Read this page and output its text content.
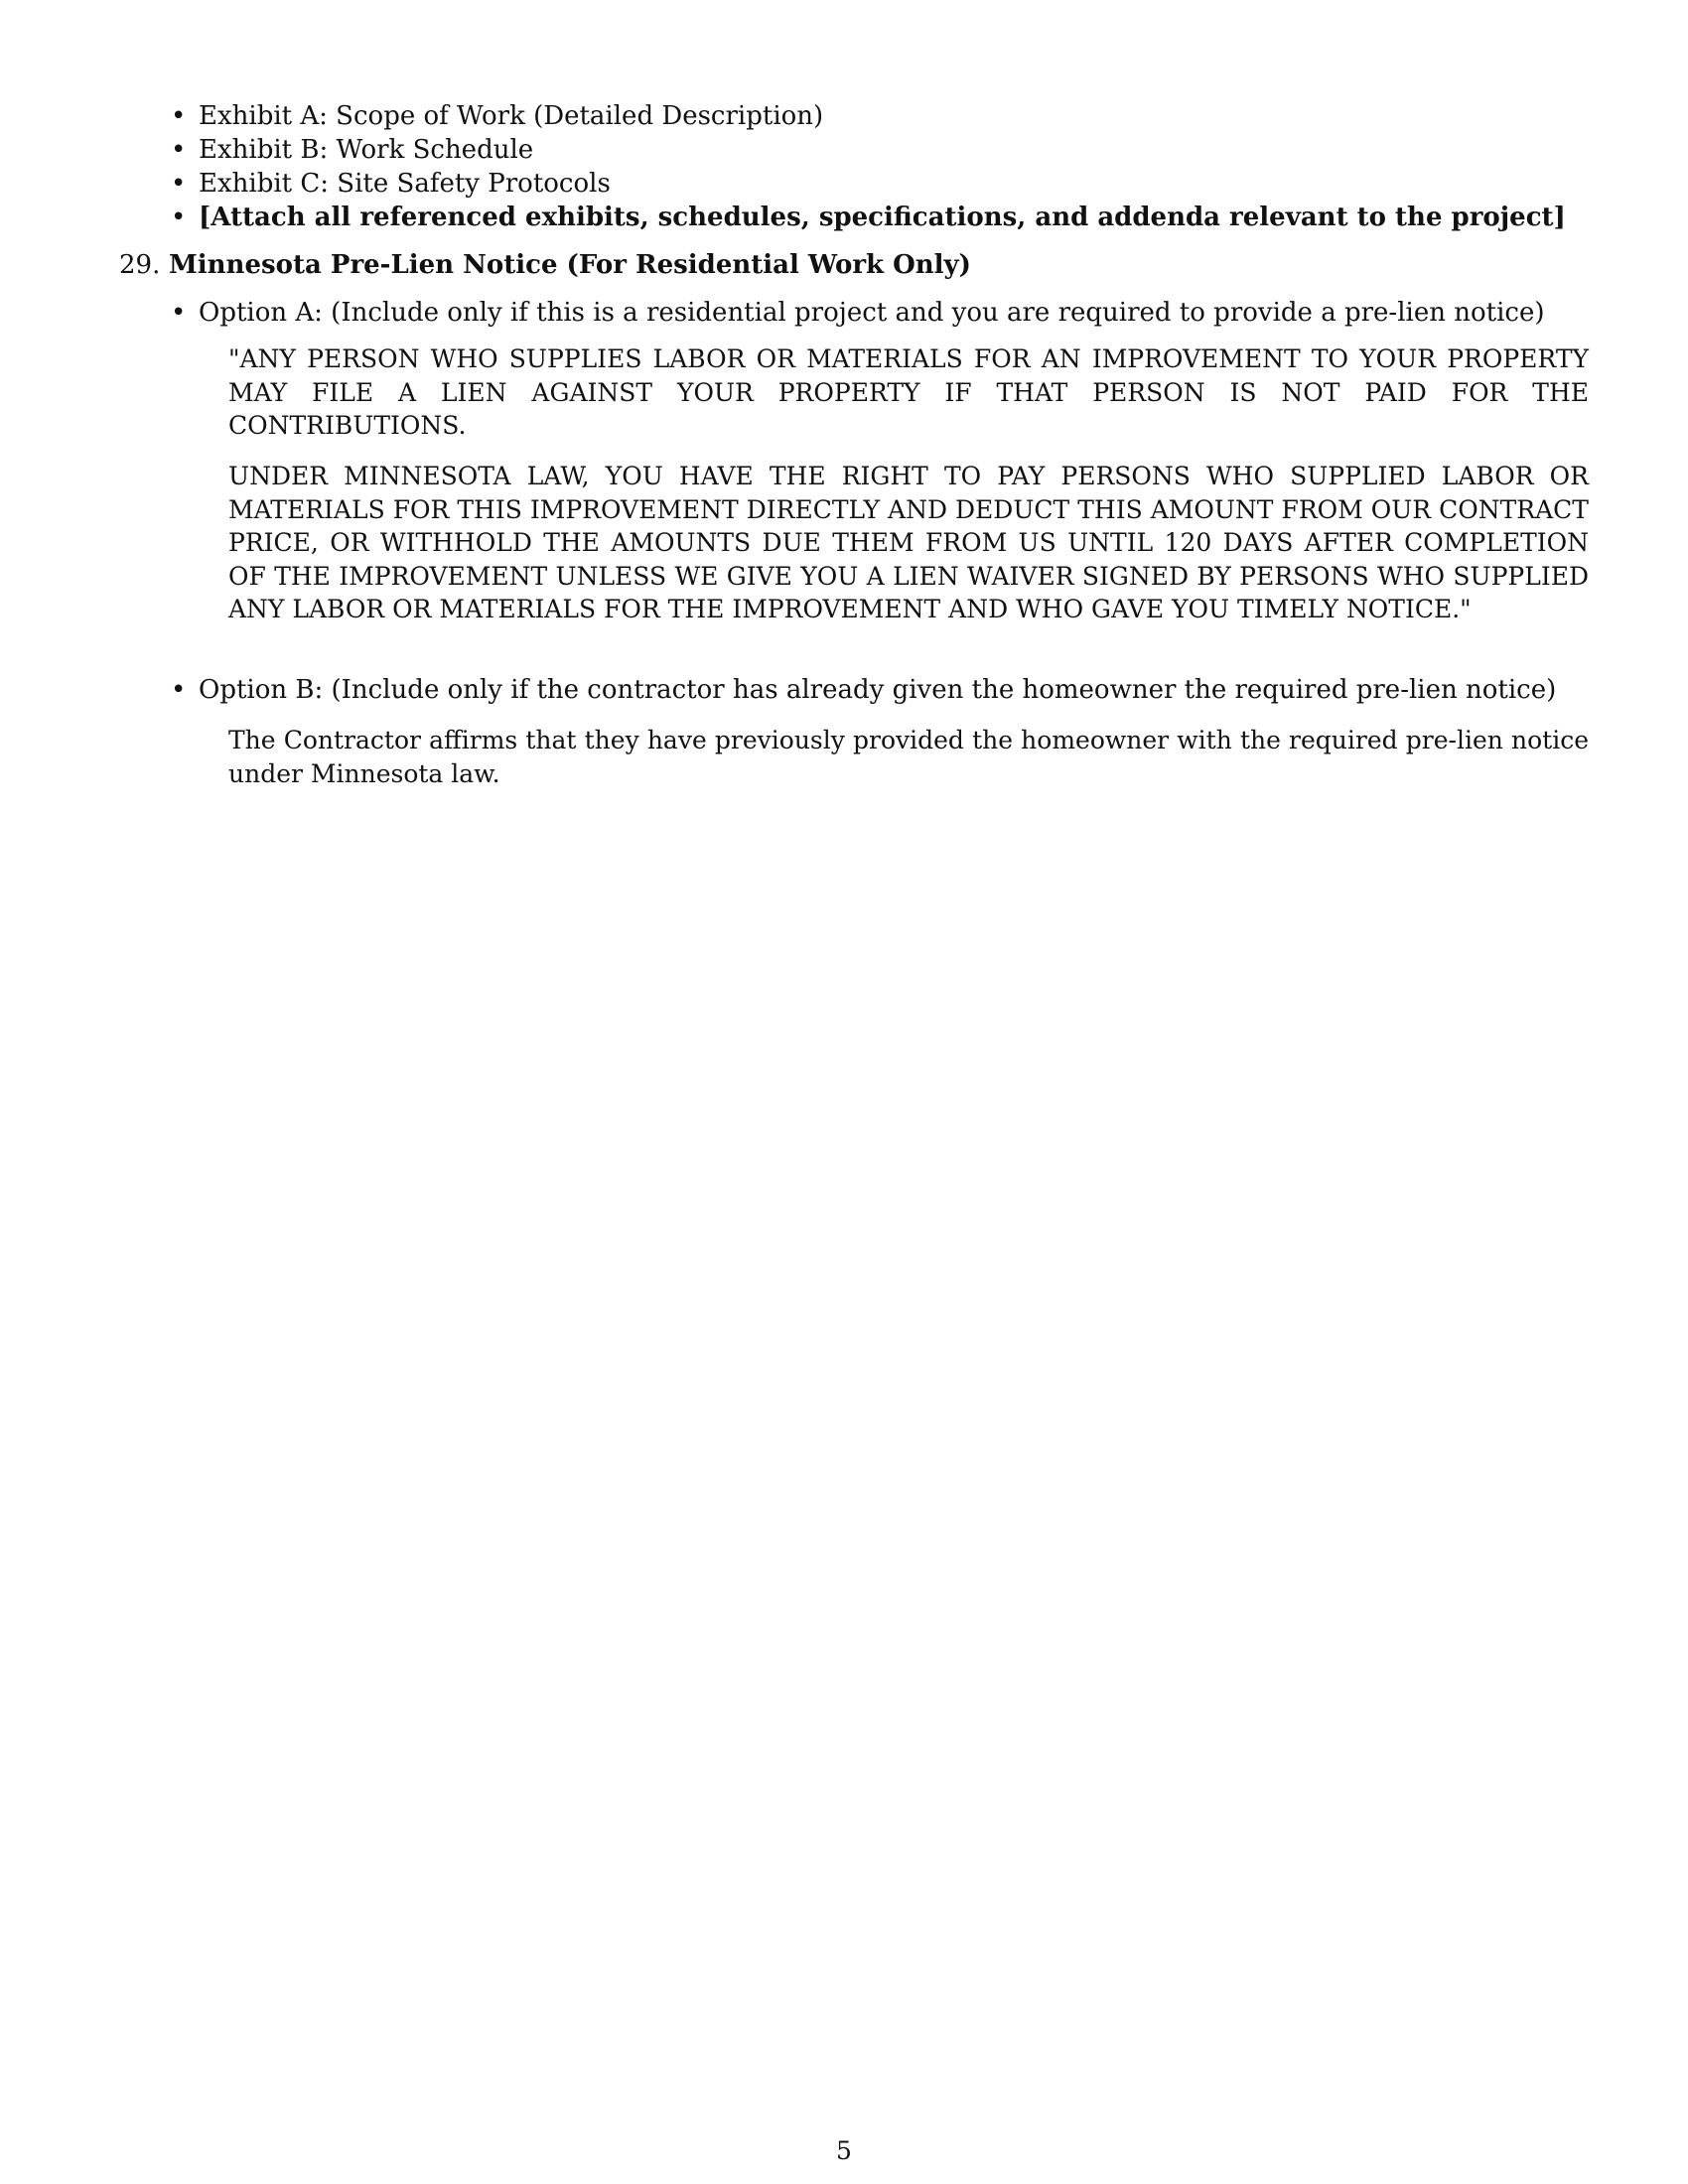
• Exhibit A: Scope of Work (Detailed Description)
• Exhibit B: Work Schedule
• Exhibit C: Site Safety Protocols
• [Attach all referenced exhibits, schedules, specifications, and addenda relevant to the project]
29. Minnesota Pre-Lien Notice (For Residential Work Only)
• Option A: (Include only if this is a residential project and you are required to provide a pre-lien notice)

"ANY PERSON WHO SUPPLIES LABOR OR MATERIALS FOR AN IMPROVEMENT TO YOUR PROPERTY MAY FILE A LIEN AGAINST YOUR PROPERTY IF THAT PERSON IS NOT PAID FOR THE CONTRIBUTIONS.

UNDER MINNESOTA LAW, YOU HAVE THE RIGHT TO PAY PERSONS WHO SUPPLIED LABOR OR MATERIALS FOR THIS IMPROVEMENT DIRECTLY AND DEDUCT THIS AMOUNT FROM OUR CONTRACT PRICE, OR WITHHOLD THE AMOUNTS DUE THEM FROM US UNTIL 120 DAYS AFTER COMPLETION OF THE IMPROVEMENT UNLESS WE GIVE YOU A LIEN WAIVER SIGNED BY PERSONS WHO SUPPLIED ANY LABOR OR MATERIALS FOR THE IMPROVEMENT AND WHO GAVE YOU TIMELY NOTICE."

• Option B: (Include only if the contractor has already given the homeowner the required pre-lien notice)

The Contractor affirms that they have previously provided the homeowner with the required pre-lien notice under Minnesota law.

5
